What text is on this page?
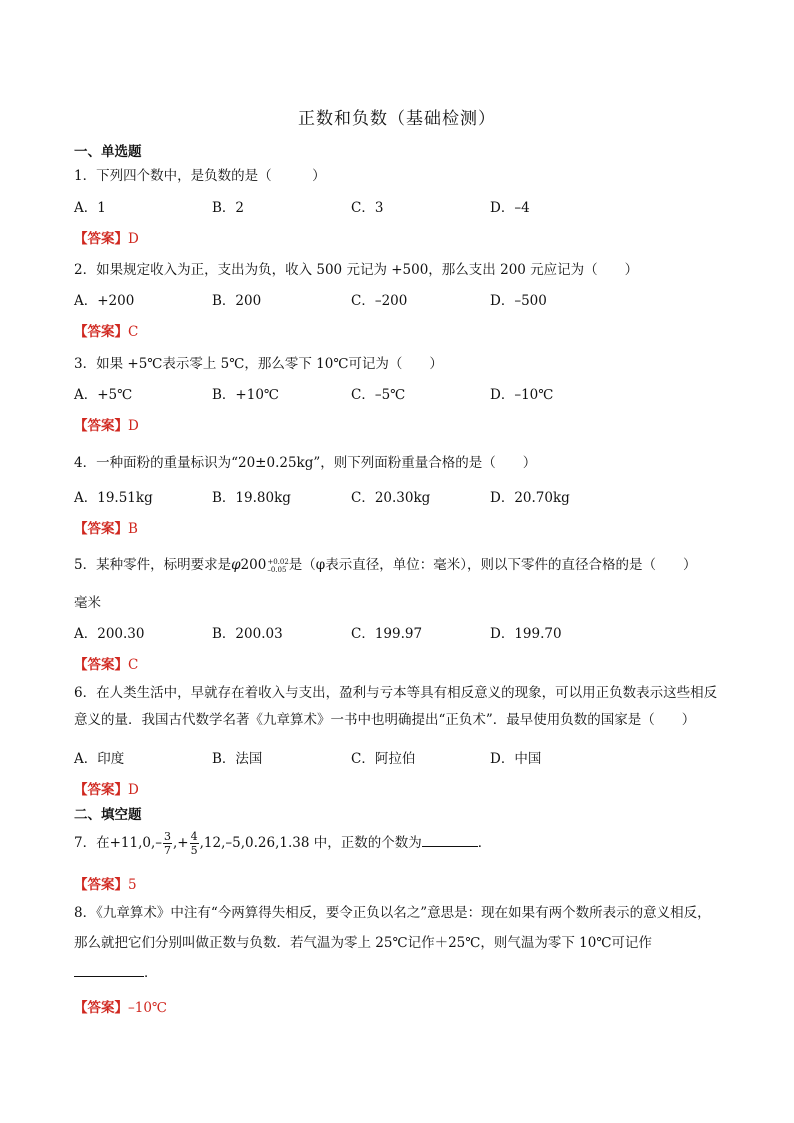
正数和负数（基础检测）
一、单选题
1．下列四个数中，是负数的是（　　　）
A．1	B．2	C．3	D．–4
【答案】D
2．如果规定收入为正，支出为负，收入 500 元记为 +500，那么支出 200 元应记为（　　）
A．+200	B．200	C．–200	D．–500
【答案】C
3．如果 +5℃表示零上 5℃，那么零下 10℃可记为（　　）
A．+5℃	B．+10℃	C．–5℃	D．–10℃
【答案】D
4．一种面粉的重量标识为“20±0.25kg”，则下列面粉重量合格的是（　　）
A．19.51kg	B．19.80kg	C．20.30kg	D．20.70kg
【答案】B
5．某种零件，标明要求是φ200 +0.02
–0.05 是（φ表示直径，单位：毫米），则以下零件的直径合格的是（　　）
毫米
A．200.30	B．200.03	C．199.97	D．199.70
【答案】C
6．在人类生活中，早就存在着收入与支出，盈利与亏本等具有相反意义的现象，可以用正负数表示这些相反意义的量．我国古代数学名著《九章算术》一书中也明确提出“正负术”．最早使用负数的国家是（　　）
A．印度	B．法国	C．阿拉伯	D．中国
【答案】D
二、填空题
7．在$+11,0,- \frac{3}{7}$ ,+ $\frac{4}{5} ,12,-5,0.26,1.38$ 中，正数的个数为	．
【答案】5
8．《九章算术》中注有“今两算得失相反，要令正负以名之”意思是：现在如果有两个数所表示的意义相反，那么就把它们分别叫做正数与负数．若气温为零上 25℃记作＋25℃，则气温为零下 10℃可记作
．
【答案】–10℃
